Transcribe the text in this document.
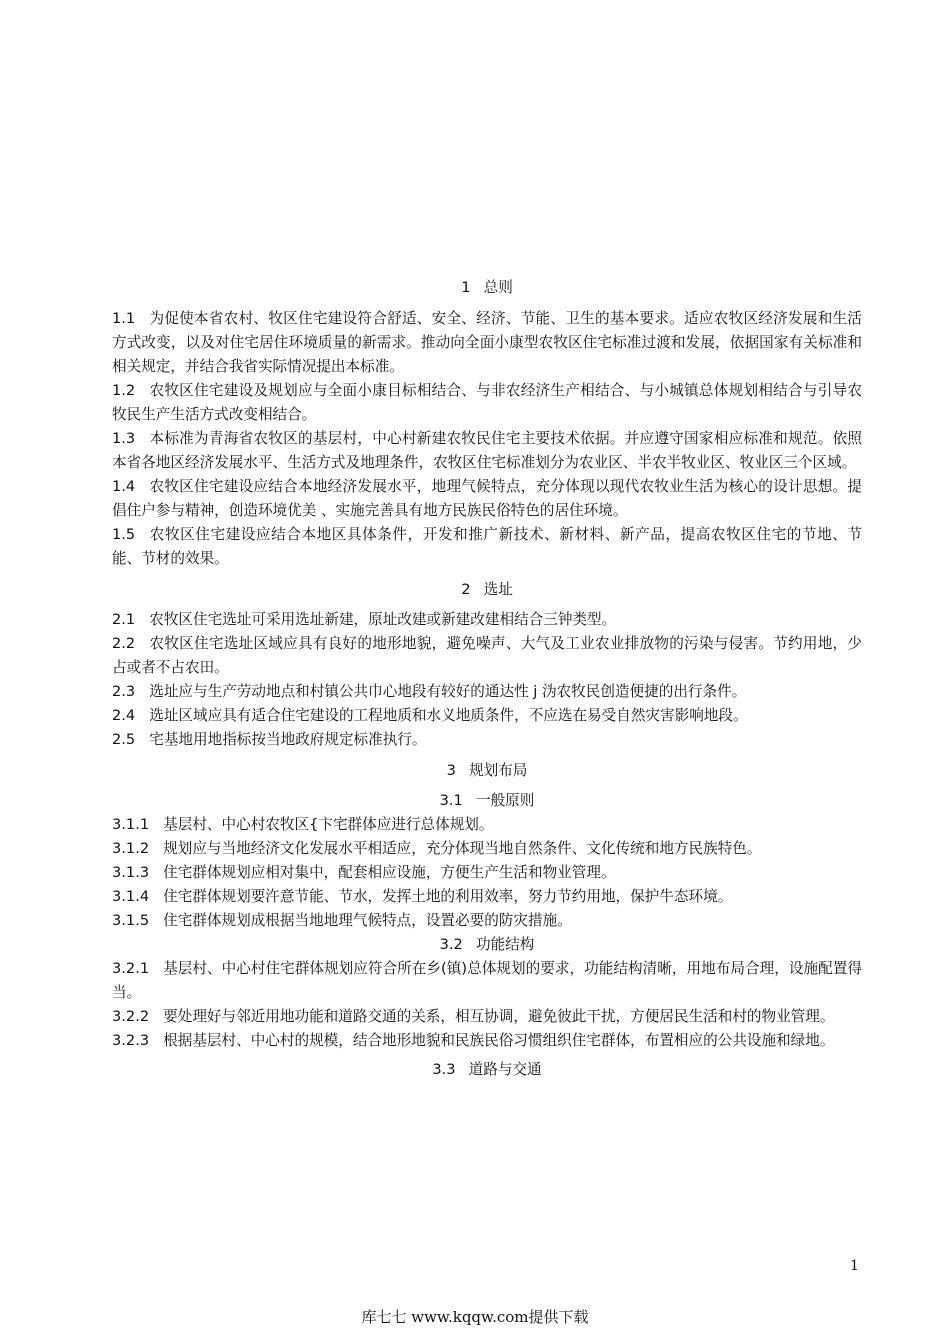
1 总则

1.1 为促使本省农村、牧区住宅建设符合舒适、安全、经济、节能、卫生的基本要求。适应农牧区经济发展和生活方式改变，以及对住宅居住环境质量的新需求。推动向全面小康型农牧区住宅标准过渡和发展，依据国家有关标准和相关规定，并结合我省实际情况提出本标准。

1.2 农牧区住宅建设及规划应与全面小康目标相结合、与非农经济生产相结合、与小城镇总体规划相结合与引导农牧民生产生活方式改变相结合。

1.3 本标准为青海省农牧区的基层村，中心村新建农牧民住宅主要技术依据。并应遵守国家相应标准和规范。依照本省各地区经济发展水平、生活方式及地理条件，农牧区住宅标准划分为农业区、半农半牧业区、牧业区三个区域。

1.4 农牧区住宅建设应结合本地经济发展水平，地理气候特点，充分体现以现代农牧业生活为核心的设计思想。提倡住户参与精神，创造环境优美 、实施完善具有地方民族民俗特色的居住环境。

1.5 农牧区住宅建设应结合本地区具体条件，开发和推广新技术、新材料、新产品，提高农牧区住宅的节地、节能、节材的效果。

2 选址

2.1 农牧区住宅选址可采用选址新建，原址改建或新建改建相结合三钟类型。

2.2 农牧区住宅选址区域应具有良好的地形地貌，避免噪声、大气及工业农业排放物的污染与侵害。节约用地，少占或者不占农田。

2.3 选址应与生产劳动地点和村镇公共巾心地段有较好的通达性 j 沩农牧民创造便捷的出行条件。

2.4 选址区域应具有适合住宅建设的工程地质和水义地质条件，不应选在易受自然灾害影响地段。

2.5 宅基地用地指标按当地政府规定标准执行。

3 规划布局
3.1 一般原则

3.1.1 基层村、中心村农牧区{卞宅群体应进行总体规划。

3.1.2 规划应与当地经济文化发展水平相适应，充分体现当地自然条件、文化传统和地方民族特色。

3.1.3 住宅群体规划应相对集中，配套相应设施，方便生产生活和物业管理。

3.1.4 住宅群体规划要汻意节能、节水，发挥土地的利用效率，努力节约用地，保护牛态环境。

3.1.5 住宅群体规划成根据当地地理气候特点，设置必要的防灾措施。

3.2 功能结构

3.2.1 基层村、中心村住宅群体规划应符合所在乡(镇)总体规划的要求，功能结构清晰，用地布局合理，设施配置得当。

3.2.2 要处理好与邻近用地功能和道路交通的关系，相互协调，避免彼此干扰，方便居民生活和村的物业管理。

3.2.3 根据基层村、中心村的规模，结合地形地貌和民族民俗习惯组织住宅群体，布置相应的公共设施和绿地。

3.3 道路与交通
1
库七七 www.kqqw.com提供下载
